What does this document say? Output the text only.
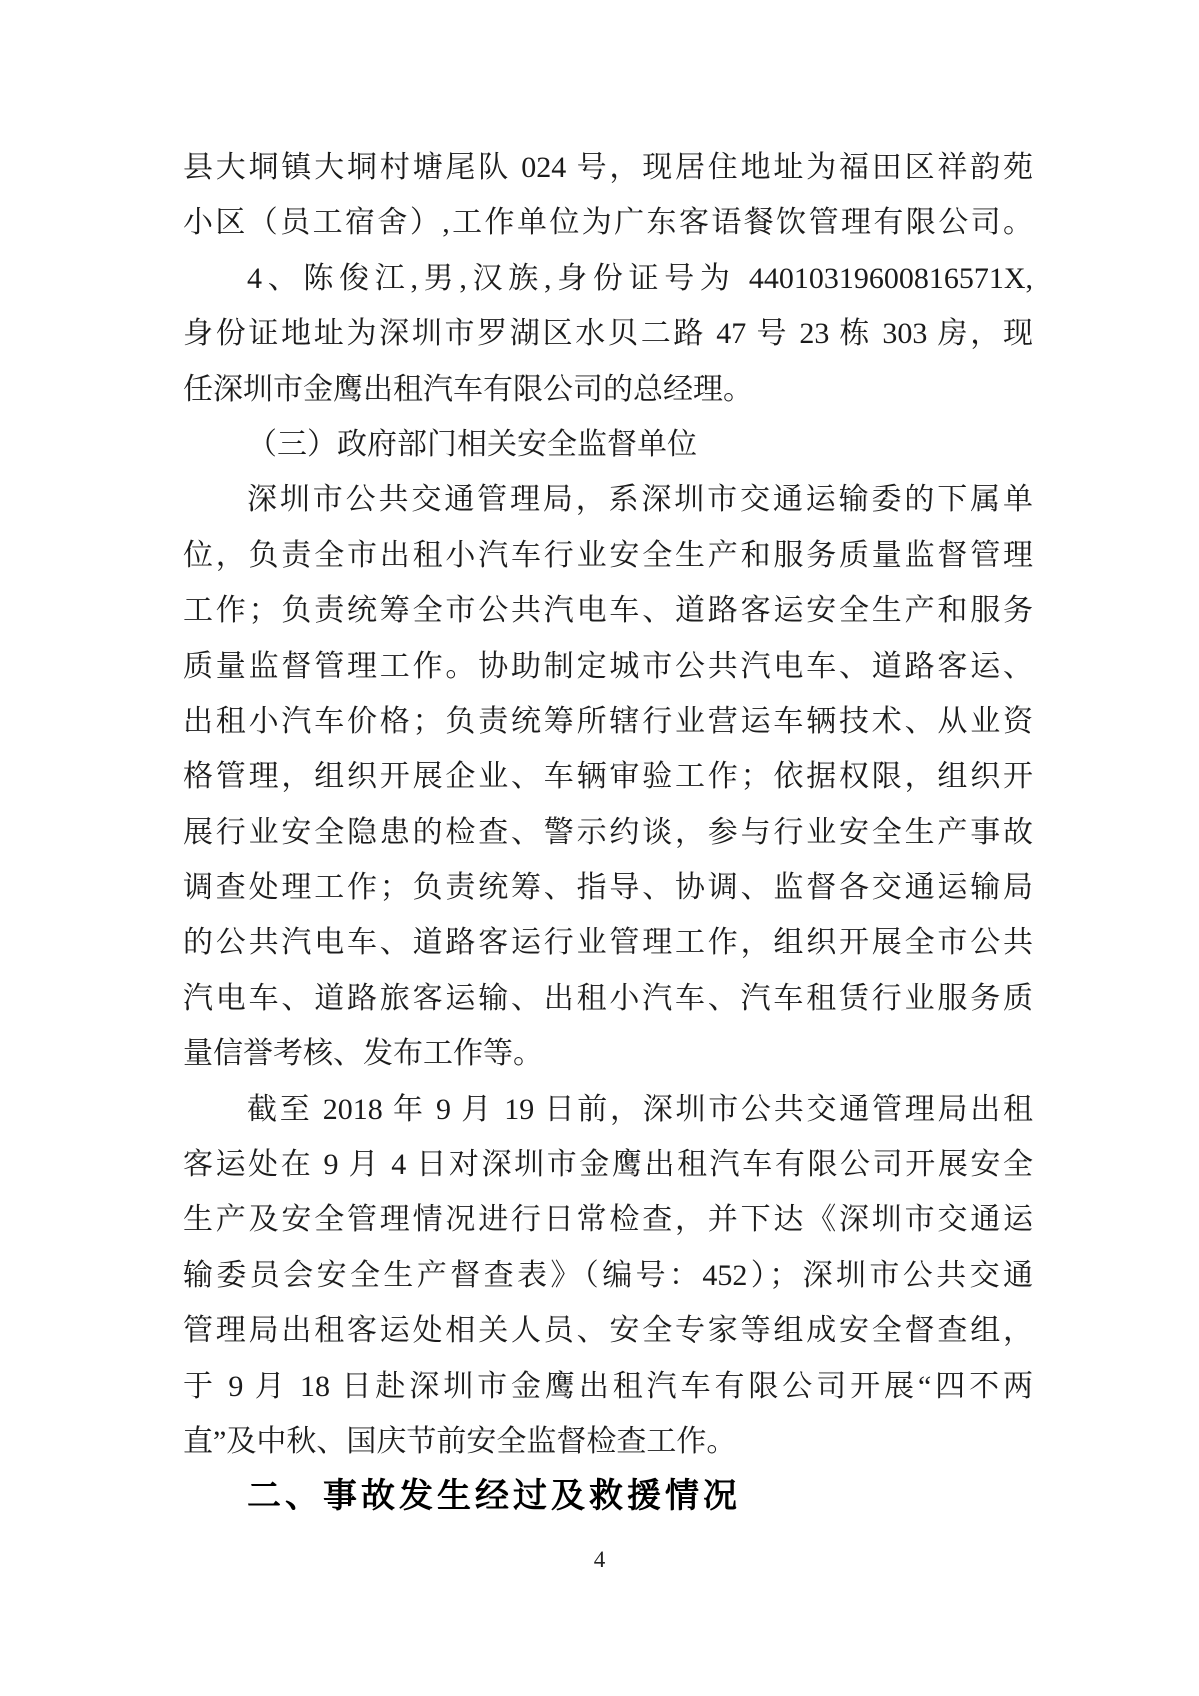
县大垌镇大垌村塘尾队 024 号，现居住地址为福田区祥韵苑
小区（员工宿舍）,工作单位为广东客语餐饮管理有限公司。
4、陈俊江,男,汉族,身份证号为 44010319600816571X,
身份证地址为深圳市罗湖区水贝二路 47 号 23 栋 303 房，现
任深圳市金鹰出租汽车有限公司的总经理。
（三）政府部门相关安全监督单位
深圳市公共交通管理局，系深圳市交通运输委的下属单
位，负责全市出租小汽车行业安全生产和服务质量监督管理
工作；负责统筹全市公共汽电车、道路客运安全生产和服务
质量监督管理工作。协助制定城市公共汽电车、道路客运、
出租小汽车价格；负责统筹所辖行业营运车辆技术、从业资
格管理，组织开展企业、车辆审验工作；依据权限，组织开
展行业安全隐患的检查、警示约谈，参与行业安全生产事故
调查处理工作；负责统筹、指导、协调、监督各交通运输局
的公共汽电车、道路客运行业管理工作，组织开展全市公共
汽电车、道路旅客运输、出租小汽车、汽车租赁行业服务质
量信誉考核、发布工作等。
截至 2018 年 9 月 19 日前，深圳市公共交通管理局出租
客运处在 9 月 4 日对深圳市金鹰出租汽车有限公司开展安全
生产及安全管理情况进行日常检查，并下达《深圳市交通运
输委员会安全生产督查表》（编号：452）；深圳市公共交通
管理局出租客运处相关人员、安全专家等组成安全督查组，
于 9 月 18 日赴深圳市金鹰出租汽车有限公司开展“四不两
直”及中秋、国庆节前安全监督检查工作。
二、事故发生经过及救援情况
4
